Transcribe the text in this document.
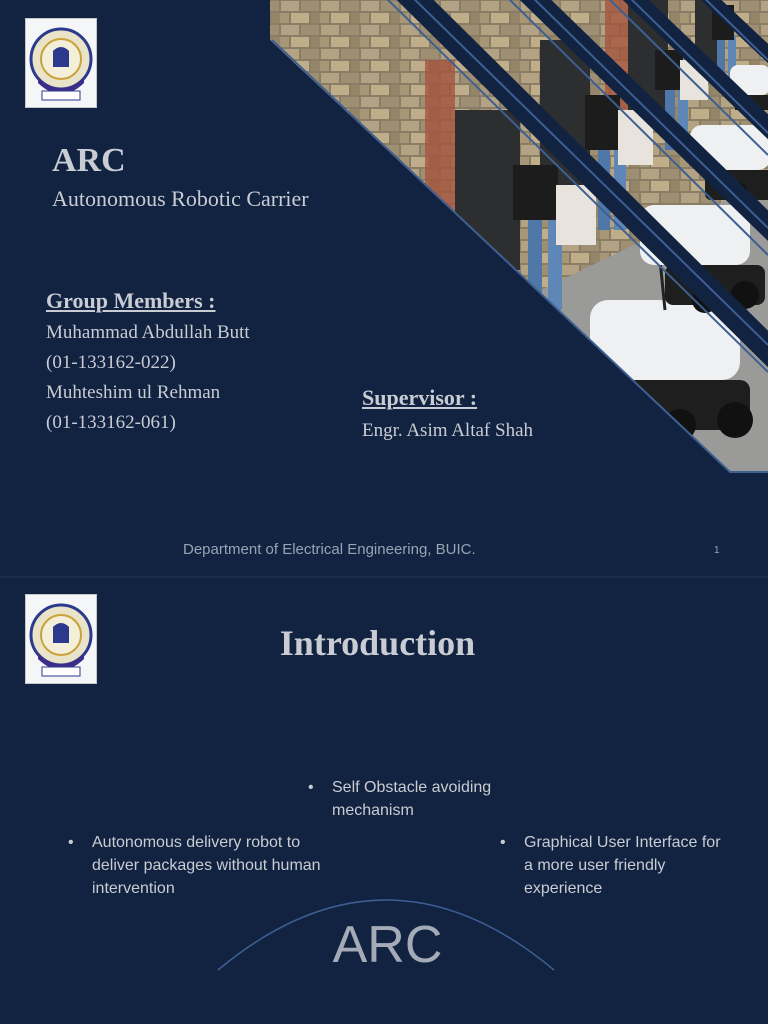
ARC
Autonomous Robotic Carrier
Group Members :
Muhammad Abdullah Butt
(01-133162-022)
Muhteshim ul Rehman
(01-133162-061)
Supervisor :
Engr. Asim Altaf Shah
Department of Electrical Engineering, BUIC.	1
Introduction
• Self Obstacle avoiding mechanism
• Autonomous delivery robot to deliver packages without human intervention
• Graphical User Interface for a more user friendly experience
ARC
